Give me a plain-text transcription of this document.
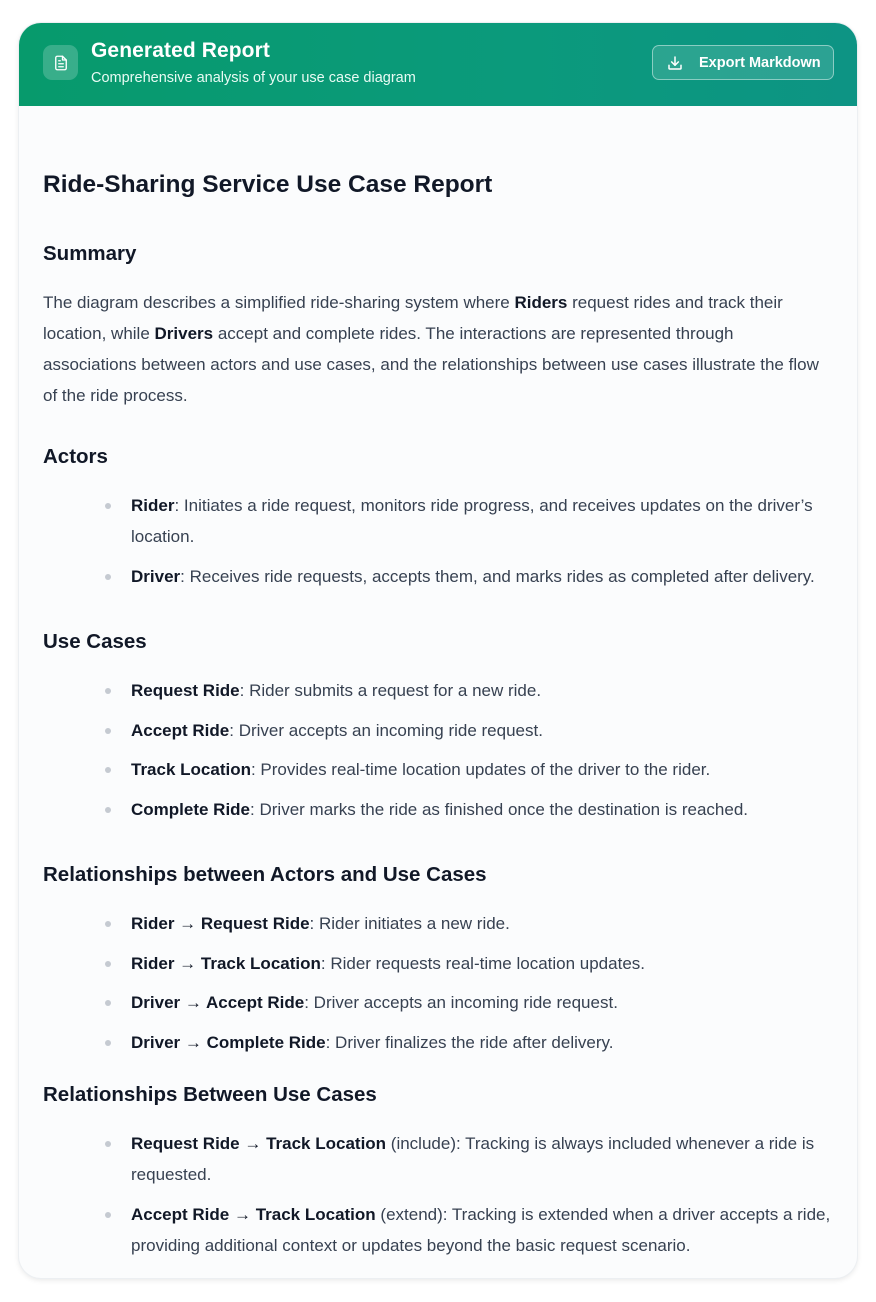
Generated Report
Comprehensive analysis of your use case diagram
Export Markdown
Ride-Sharing Service Use Case Report
Summary
The diagram describes a simplified ride-sharing system where Riders request rides and track their
location, while Drivers accept and complete rides. The interactions are represented through
associations between actors and use cases, and the relationships between use cases illustrate the flow
of the ride process.
Actors
Rider: Initiates a ride request, monitors ride progress, and receives updates on the driver’s location.
Driver: Receives ride requests, accepts them, and marks rides as completed after delivery.
Use Cases
Request Ride: Rider submits a request for a new ride.
Accept Ride: Driver accepts an incoming ride request.
Track Location: Provides real-time location updates of the driver to the rider.
Complete Ride: Driver marks the ride as finished once the destination is reached.
Relationships between Actors and Use Cases
Rider → Request Ride: Rider initiates a new ride.
Rider → Track Location: Rider requests real-time location updates.
Driver → Accept Ride: Driver accepts an incoming ride request.
Driver → Complete Ride: Driver finalizes the ride after delivery.
Relationships Between Use Cases
Request Ride → Track Location (include): Tracking is always included whenever a ride is requested.
Accept Ride → Track Location (extend): Tracking is extended when a driver accepts a ride, providing additional context or updates beyond the basic request scenario.
